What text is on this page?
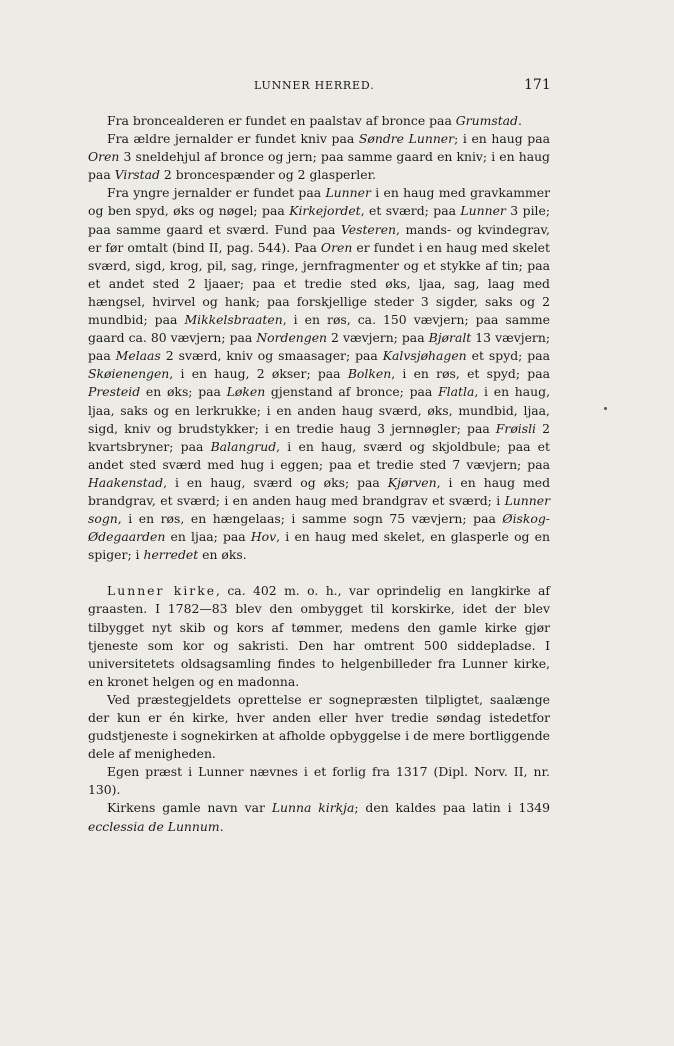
LUNNER HERRED.	171

Fra broncealderen er fundet en paalstav af bronce paa Grumstad.

Fra ældre jernalder er fundet kniv paa Søndre Lunner; i en haug paa Oren 3 sneldehjul af bronce og jern; paa samme gaard en kniv; i en haug paa Virstad 2 broncespænder og 2 glasperler.

Fra yngre jernalder er fundet paa Lunner i en haug med gravkammer og ben spyd, øks og nøgel; paa Kirkejordet, et sværd; paa Lunner 3 pile; paa samme gaard et sværd. Fund paa Vesteren, mands- og kvindegrav, er før omtalt (bind II, pag. 544). Paa Oren er fundet i en haug med skelet sværd, sigd, krog, pil, sag, ringe, jernfragmenter og et stykke af tin; paa et andet sted 2 ljaaer; paa et tredie sted øks, ljaa, sag, laag med hængsel, hvirvel og hank; paa forskjellige steder 3 sigder, saks og 2 mundbid; paa Mikkelsbraaten, i en røs, ca. 150 vævjern; paa samme gaard ca. 80 vævjern; paa Nordengen 2 vævjern; paa Bjøralt 13 vævjern; paa Melaas 2 sværd, kniv og smaasager; paa Kalvsjøhagen et spyd; paa Skøienengen, i en haug, 2 økser; paa Bolken, i en røs, et spyd; paa Presteid en øks; paa Løken gjenstand af bronce; paa Flatla, i en haug, ljaa, saks og en lerkrukke; i en anden haug sværd, øks, mundbid, ljaa, sigd, kniv og brudstykker; i en tredie haug 3 jernnøgler; paa Frøisli 2 kvartsbryner; paa Balangrud, i en haug, sværd og skjoldbule; paa et andet sted sværd med hug i eggen; paa et tredie sted 7 vævjern; paa Haakenstad, i en haug, sværd og øks; paa Kjørven, i en haug med brandgrav, et sværd; i en anden haug med brandgrav et sværd; i Lunner sogn, i en røs, en hængelaas; i samme sogn 75 vævjern; paa Øiskog-Ødegaarden en ljaa; paa Hov, i en haug med skelet, en glasperle og en spiger; i herredet en øks.

Lunner kirke, ca. 402 m. o. h., var oprindelig en langkirke af graasten. I 1782—83 blev den ombygget til korskirke, idet der blev tilbygget nyt skib og kors af tømmer, medens den gamle kirke gjør tjeneste som kor og sakristi. Den har omtrent 500 siddepladse. I universitetets oldsagsamling findes to helgenbilleder fra Lunner kirke, en kronet helgen og en madonna.

Ved præstegjeldets oprettelse er sognepræsten tilpligtet, saalænge der kun er én kirke, hver anden eller hver tredie søndag istedetfor gudstjeneste i sognekirken at afholde opbyggelse i de mere bortliggende dele af menigheden.

Egen præst i Lunner nævnes i et forlig fra 1317 (Dipl. Norv. II, nr. 130).

Kirkens gamle navn var Lunna kirkja; den kaldes paa latin i 1349 ecclessia de Lunnum.
